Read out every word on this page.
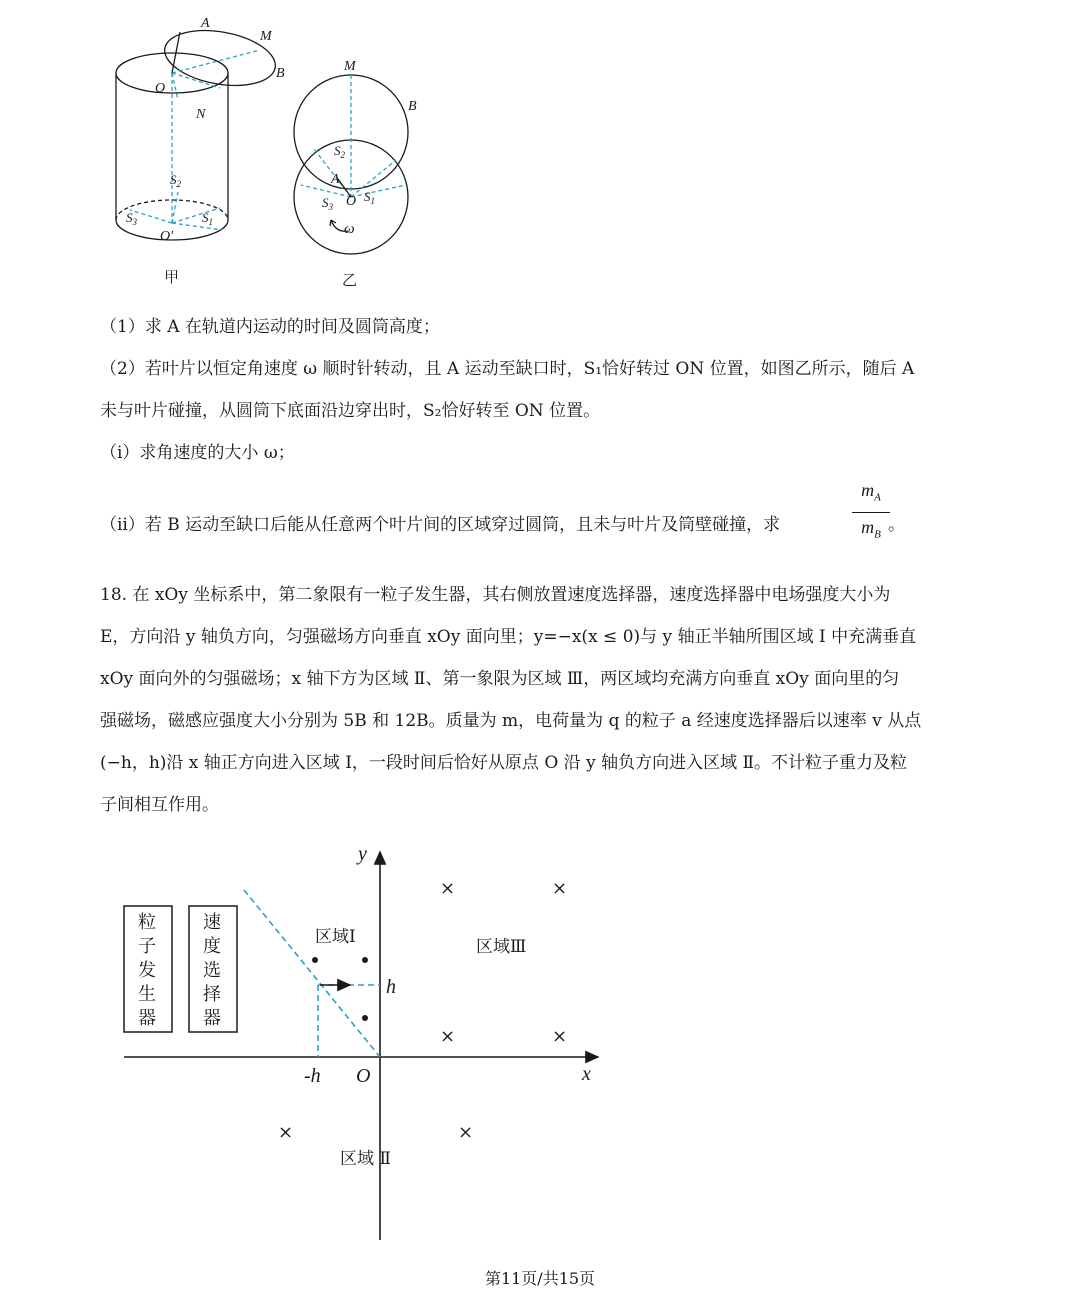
A
M
B
O
N
$S_2$
$S_3$	$S_1$
O′
甲
M
B
$S_2$
A
O $S_1$
$S_3$
ω
乙

（1）求 A 在轨道内运动的时间及圆筒高度；

（2）若叶片以恒定角速度 ω 顺时针转动，且 A 运动至缺口时，S₁恰好转过 ON 位置，如图乙所示，随后 A

未与叶片碰撞，从圆筒下底面沿边穿出时，S₂恰好转至 ON 位置。

（i）求角速度的大小 ω；

（ii）若 B 运动至缺口后能从任意两个叶片间的区域穿过圆筒，且未与叶片及筒壁碰撞，求

$m_A$
$m_B$ 。

18. 在 xOy 坐标系中，第二象限有一粒子发生器，其右侧放置速度选择器，速度选择器中电场强度大小为

E，方向沿 y 轴负方向，匀强磁场方向垂直 xOy 面向里；y=−x(x ≤ 0)与 y 轴正半轴所围区域 Ⅰ 中充满垂直

xOy 面向外的匀强磁场；x 轴下方为区域 Ⅱ、第一象限为区域 Ⅲ，两区域均充满方向垂直 xOy 面向里的匀

强磁场，磁感应强度大小分别为 5B 和 12B。质量为 m，电荷量为 q 的粒子 a 经速度选择器后以速率 v 从点

(−h，h)沿 x 轴正方向进入区域 Ⅰ，一段时间后恰好从原点 O 沿 y 轴负方向进入区域 Ⅱ。不计粒子重力及粒

子间相互作用。

粒
子
发
生
器
速
度
选
择
器
y
x
O
h
-h
区域Ⅰ	区域Ⅲ
区域 Ⅱ
×	×
×	×
×	×
第11页/共15页
